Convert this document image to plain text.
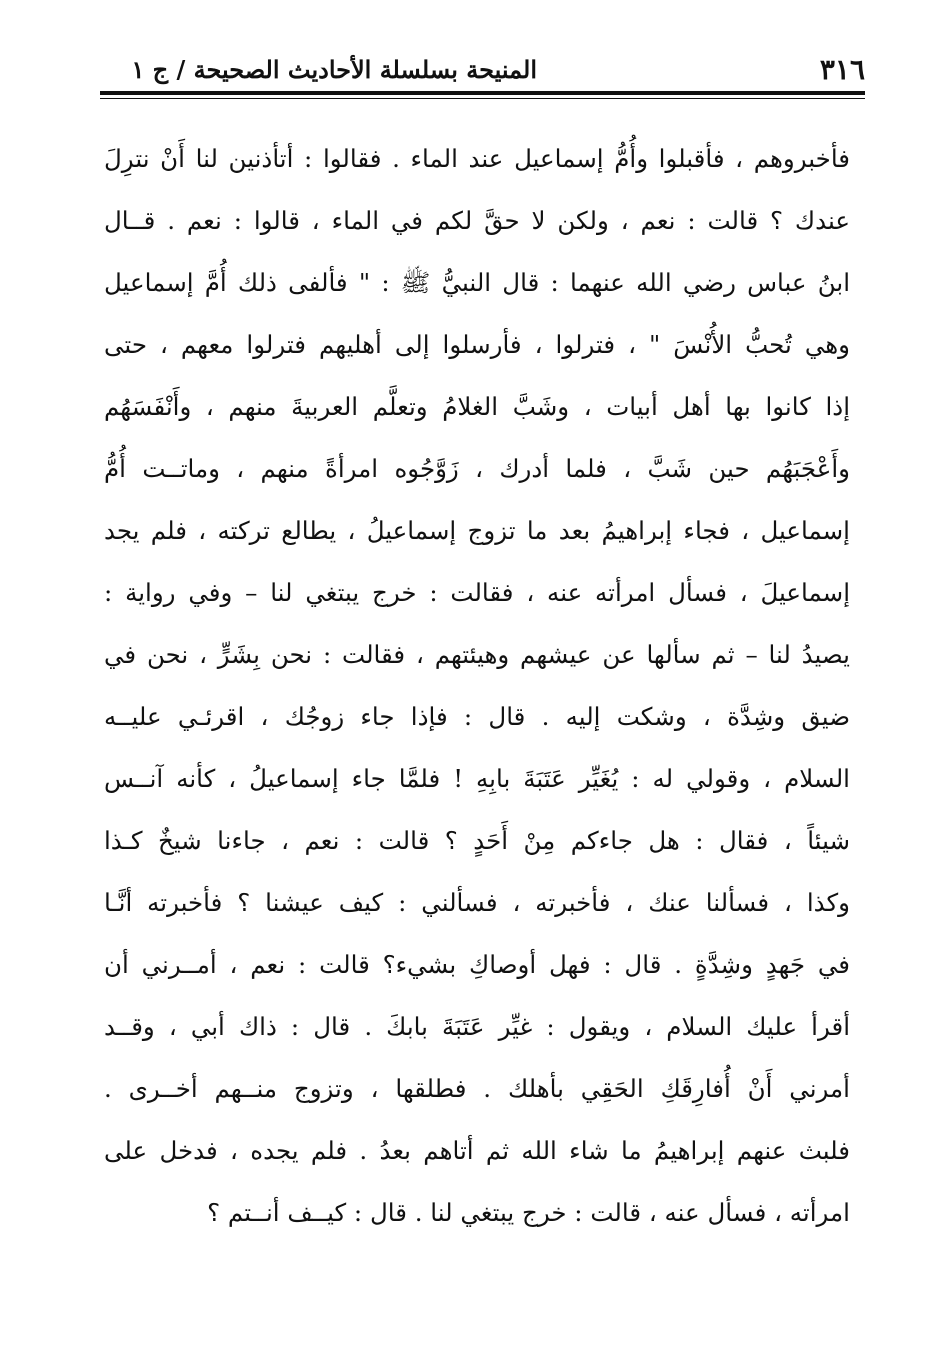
٣١٦
المنيحة بسلسلة الأحاديث الصحيحة / ج ١
فأخبروهم ، فأقبلوا وأُمُّ إسماعيل عند الماء . فقالوا : أتأذنين لنا أَنْ نترِلَ
عندك ؟ قالت : نعم ، ولكن لا حقَّ لكم في الماء ، قالوا : نعم . قــال
ابنُ عباس رضي الله عنهما : قال النبيُّ ﷺ : " فألفى ذلك أُمَّ إسماعيل
وهي تُحبُّ الأُنْسَ " ، فترلوا ، فأرسلوا إلى أهليهم فترلوا معهم ، حتى
إذا كانوا بها أهل أبيات ، وشَبَّ الغلامُ وتعلَّم العربيةَ منهم ، وأَنْفَسَهُم
وأَعْجَبَهُم حين شَبَّ ، فلما أدرك ، زَوَّجُوه امرأةً منهم ، وماتــت أُمُّ
إسماعيل ، فجاء إبراهيمُ بعد ما تزوج إسماعيلُ ، يطالع تركته ، فلم يجد
إسماعيلَ ، فسأل امرأته عنه ، فقالت : خرج يبتغي لنا – وفي رواية :
يصيدُ لنا – ثم سألها عن عيشهم وهيئتهم ، فقالت : نحن بِشَرٍّ ، نحن في
ضيق وشِدَّة ، وشكت إليه . قال : فإذا جاء زوجُك ، اقرئـي عليــه
السلام ، وقولي له : يُغَيِّر عَتَبَةَ بابِهِ ! فلمَّا جاء إسماعيلُ ، كأنه آنــس
شيئاً ، فقال : هل جاءكم مِنْ أَحَدٍ ؟ قالت : نعم ، جاءنا شيخٌ كـذا
وكذا ، فسألنا عنك ، فأخبرته ، فسألني : كيف عيشنا ؟ فأخبرته أنَّـا
في جَهدٍ وشِدَّةٍ . قال : فهل أوصاكِ بشيء؟ قالت : نعم ، أمــرني أن
أقرأ عليك السلام ، ويقول : غيِّر عَتَبَةَ بابكَ . قال : ذاك أبي ، وقــد
أمرني أَنْ أُفارِقَكِ الحَقِي بأهلك . فطلقها ، وتزوج منــهم أخــرى .
فلبث عنهم إبراهيمُ ما شاء الله ثم أتاهم بعدُ . فلم يجده ، فدخل على
امرأته ، فسأل عنه ، قالت : خرج يبتغي لنا . قال : كيــف أنــتم ؟
